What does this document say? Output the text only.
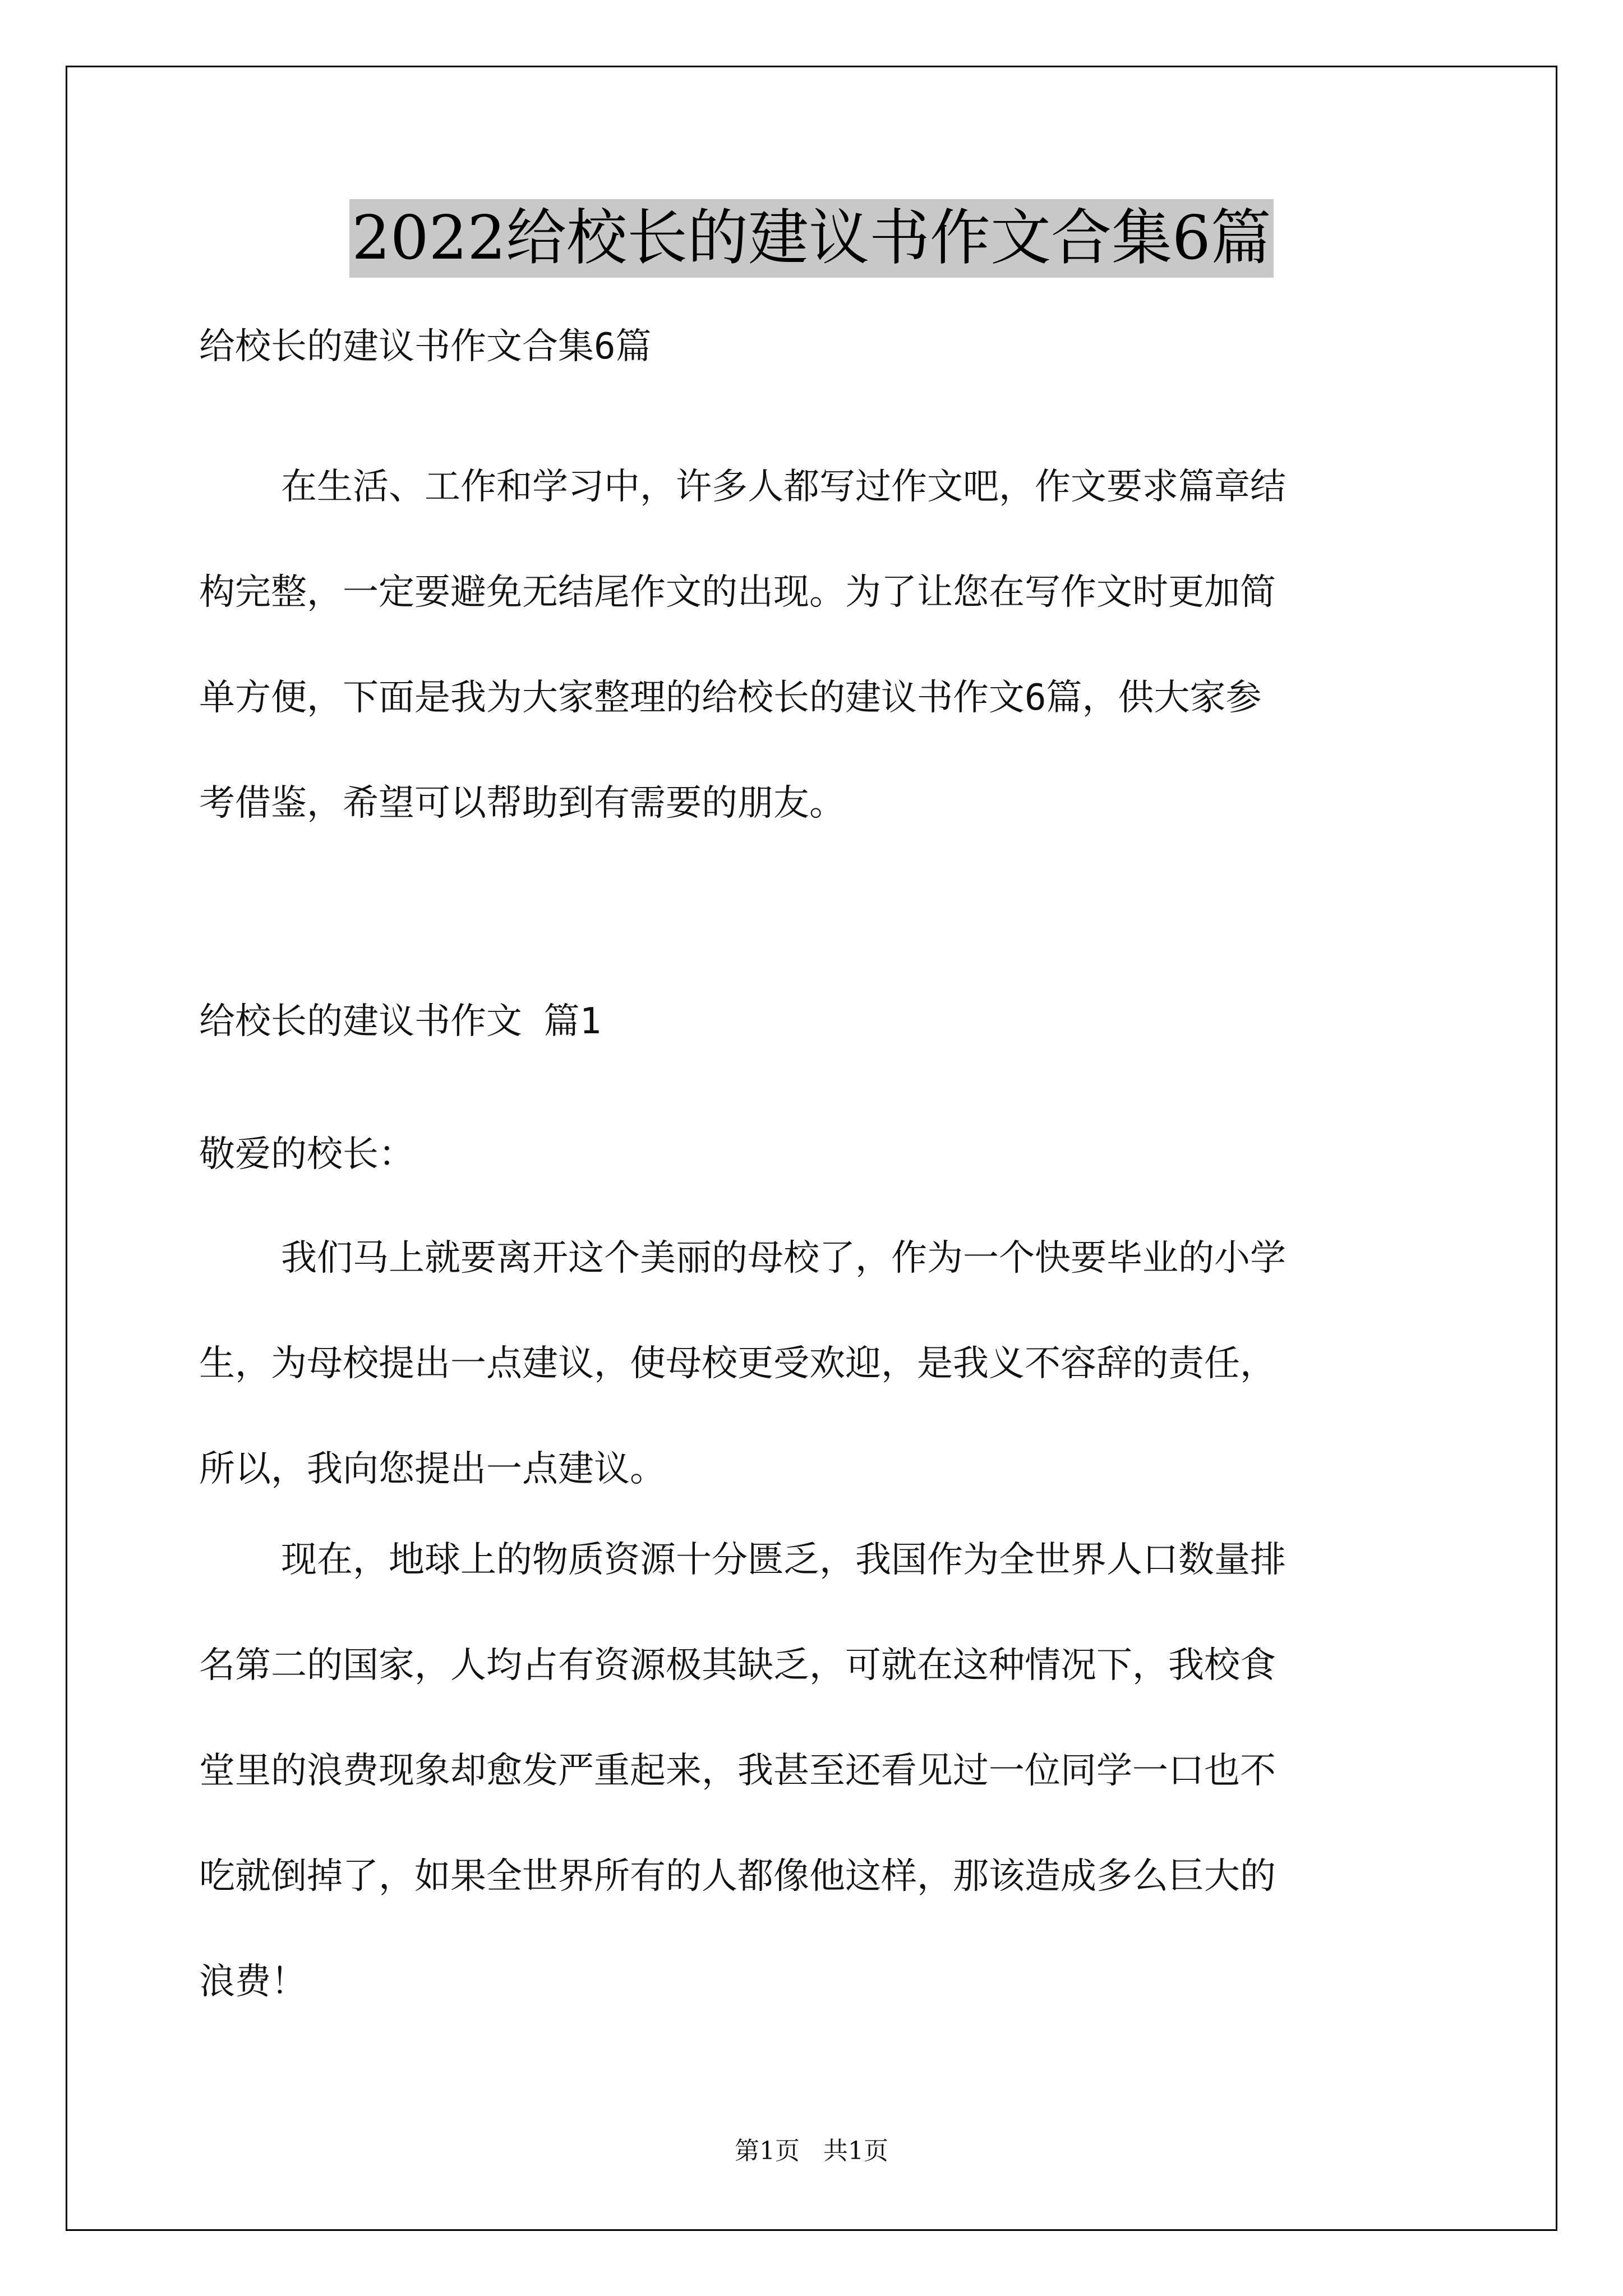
2022给校长的建议书作文合集6篇
给校长的建议书作文合集6篇
在生活、工作和学习中，许多人都写过作文吧，作文要求篇章结
构完整，一定要避免无结尾作文的出现。为了让您在写作文时更加简
单方便，下面是我为大家整理的给校长的建议书作文6篇，供大家参
考借鉴，希望可以帮助到有需要的朋友。
给校长的建议书作文 篇1
敬爱的校长：
我们马上就要离开这个美丽的母校了，作为一个快要毕业的小学
生，为母校提出一点建议，使母校更受欢迎，是我义不容辞的责任，
所以，我向您提出一点建议。
现在，地球上的物质资源十分匮乏，我国作为全世界人口数量排
名第二的国家，人均占有资源极其缺乏，可就在这种情况下，我校食
堂里的浪费现象却愈发严重起来，我甚至还看见过一位同学一口也不
吃就倒掉了，如果全世界所有的人都像他这样，那该造成多么巨大的
浪费！
第1页   共1页
